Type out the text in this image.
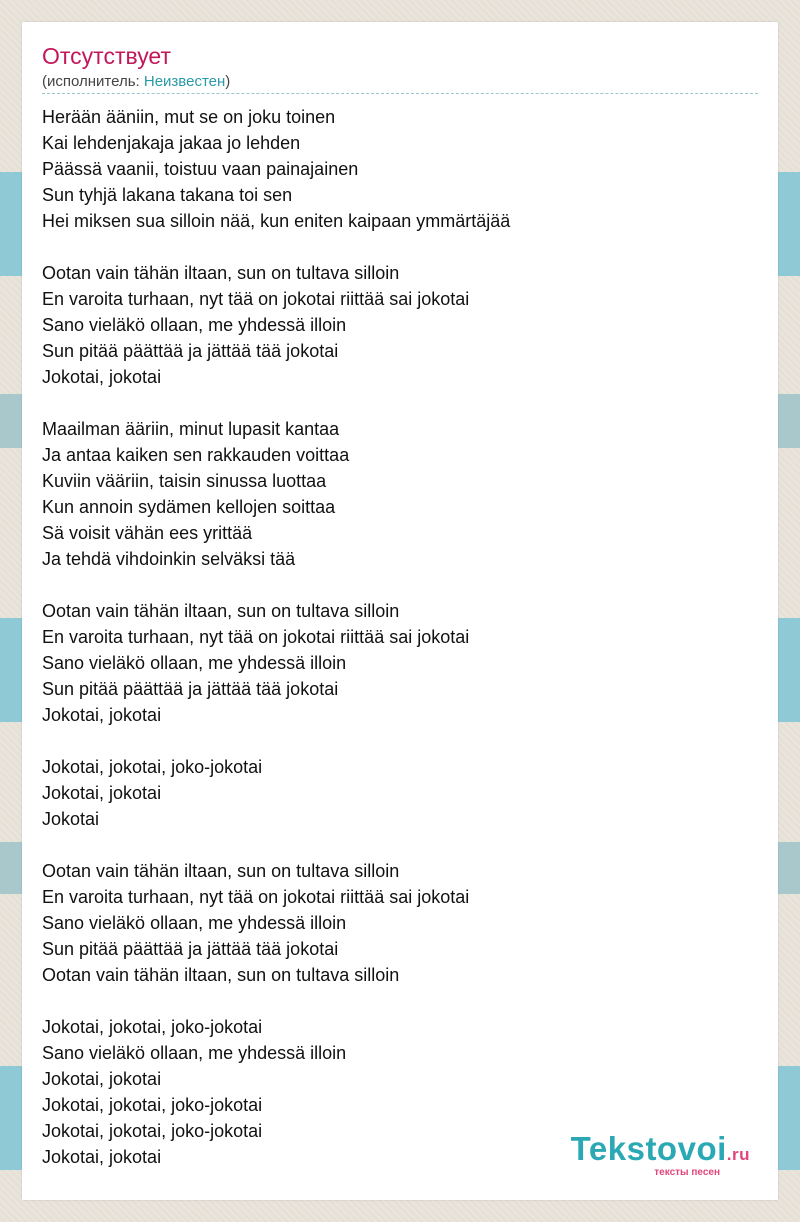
Отсутствует
(исполнитель: Неизвестен)
Herään ääniin, mut se on joku toinen
Kai lehdenjakaja jakaa jo lehden
Päässä vaanii, toistuu vaan painajainen
Sun tyhjä lakana takana toi sen
Hei miksen sua silloin nää, kun eniten kaipaan ymmärtäjää
Ootan vain tähän iltaan, sun on tultava silloin
En varoita turhaan, nyt tää on jokotai riittää sai jokotai
Sano vieläkö ollaan, me yhdessä illoin
Sun pitää päättää ja jättää tää jokotai
Jokotai, jokotai
Maailman ääriin, minut lupasit kantaa
Ja antaa kaiken sen rakkauden voittaa
Kuviin vääriin, taisin sinussa luottaa
Kun annoin sydämen kellojen soittaa
Sä voisit vähän ees yrittää
Ja tehdä vihdoinkin selväksi tää
Ootan vain tähän iltaan, sun on tultava silloin
En varoita turhaan, nyt tää on jokotai riittää sai jokotai
Sano vieläkö ollaan, me yhdessä illoin
Sun pitää päättää ja jättää tää jokotai
Jokotai, jokotai
Jokotai, jokotai, joko-jokotai
Jokotai, jokotai
Jokotai
Ootan vain tähän iltaan, sun on tultava silloin
En varoita turhaan, nyt tää on jokotai riittää sai jokotai
Sano vieläkö ollaan, me yhdessä illoin
Sun pitää päättää ja jättää tää jokotai
Ootan vain tähän iltaan, sun on tultava silloin
Jokotai, jokotai, joko-jokotai
Sano vieläkö ollaan, me yhdessä illoin
Jokotai, jokotai
Jokotai, jokotai, joko-jokotai
Jokotai, jokotai, joko-jokotai
Jokotai, jokotai	Tekstovoi.ru
тексты песен
